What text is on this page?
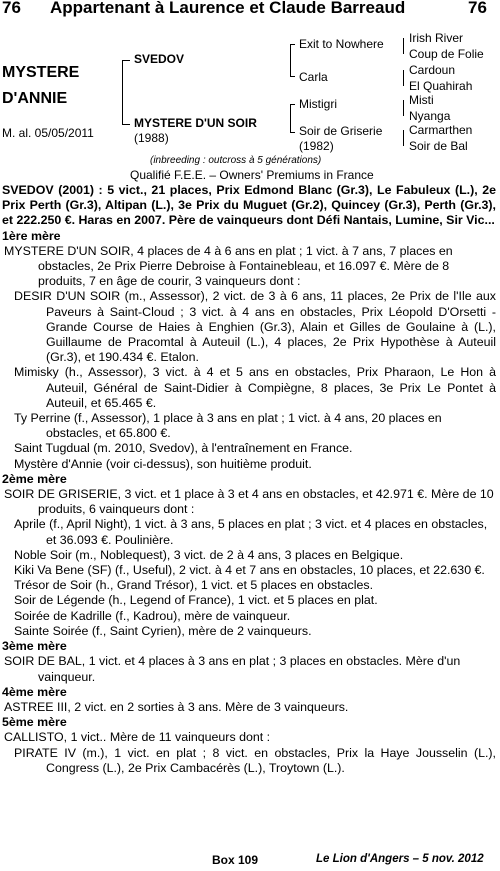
76 Appartenant à Laurence et Claude Barreaud	76
MYSTERE
D'ANNIE
M. al. 05/05/2011
SVEDOV
MYSTERE D'UN SOIR
(1988)
Exit to Nowhere
Carla
Mistigri
Soir de Griserie
(1982)
Irish River
Coup de Folie
Cardoun
El Quahirah
Misti
Nyanga
Carmarthen
Soir de Bal
(inbreeding : outcross à 5 générations)
Qualifié F.E.E. – Owners' Premiums in France

SVEDOV (2001) : 5 vict., 21 places, Prix Edmond Blanc (Gr.3), Le Fabuleux (L.), 2e Prix Perth (Gr.3), Altipan (L.), 3e Prix du Muguet (Gr.2), Quincey (Gr.3), Perth (Gr.3), et 222.250 €. Haras en 2007. Père de vainqueurs dont Défi Nantais, Lumine, Sir Vic...

1ère mère

MYSTERE D'UN SOIR, 4 places de 4 à 6 ans en plat ; 1 vict. à 7 ans, 7 places en obstacles, 2e Prix Pierre Debroise à Fontainebleau, et 16.097 €. Mère de 8 produits, 7 en âge de courir, 3 vainqueurs dont :

DESIR D'UN SOIR (m., Assessor), 2 vict. de 3 à 6 ans, 11 places, 2e Prix de l'Ile aux Paveurs à Saint-Cloud ; 3 vict. à 4 ans en obstacles, Prix Léopold D'Orsetti - Grande Course de Haies à Enghien (Gr.3), Alain et Gilles de Goulaine à (L.), Guillaume de Pracomtal à Auteuil (L.), 4 places, 2e Prix Hypothèse à Auteuil (Gr.3), et 190.434 €. Etalon.

Mimisky (h., Assessor), 3 vict. à 4 et 5 ans en obstacles, Prix Pharaon, Le Hon à Auteuil, Général de Saint-Didier à Compiègne, 8 places, 3e Prix Le Pontet à Auteuil, et 65.465 €.

Ty Perrine (f., Assessor), 1 place à 3 ans en plat ; 1 vict. à 4 ans, 20 places en obstacles, et 65.800 €.

Saint Tugdual (m. 2010, Svedov), à l'entraînement en France.

Mystère d'Annie (voir ci-dessus), son huitième produit.

2ème mère

SOIR DE GRISERIE, 3 vict. et 1 place à 3 et 4 ans en obstacles, et 42.971 €. Mère de 10 produits, 6 vainqueurs dont :

Aprile (f., April Night), 1 vict. à 3 ans, 5 places en plat ; 3 vict. et 4 places en obstacles, et 36.093 €. Poulinière.

Noble Soir (m., Noblequest), 3 vict. de 2 à 4 ans, 3 places en Belgique.

Kiki Va Bene (SF) (f., Useful), 2 vict. à 4 et 7 ans en obstacles, 10 places, et 22.630 €.

Trésor de Soir (h., Grand Trésor), 1 vict. et 5 places en obstacles.

Soir de Légende (h., Legend of France), 1 vict. et 5 places en plat.

Soirée de Kadrille (f., Kadrou), mère de vainqueur.

Sainte Soirée (f., Saint Cyrien), mère de 2 vainqueurs.

3ème mère

SOIR DE BAL, 1 vict. et 4 places à 3 ans en plat ; 3 places en obstacles. Mère d'un vainqueur.

4ème mère

ASTREE III, 2 vict. en 2 sorties à 3 ans. Mère de 3 vainqueurs.

5ème mère

CALLISTO, 1 vict.. Mère de 11 vainqueurs dont :

PIRATE IV (m.), 1 vict. en plat ; 8 vict. en obstacles, Prix la Haye Jousselin (L.), Congress (L.), 2e Prix Cambacérès (L.), Troytown (L.).

Box 109	Le Lion d'Angers – 5 nov. 2012
